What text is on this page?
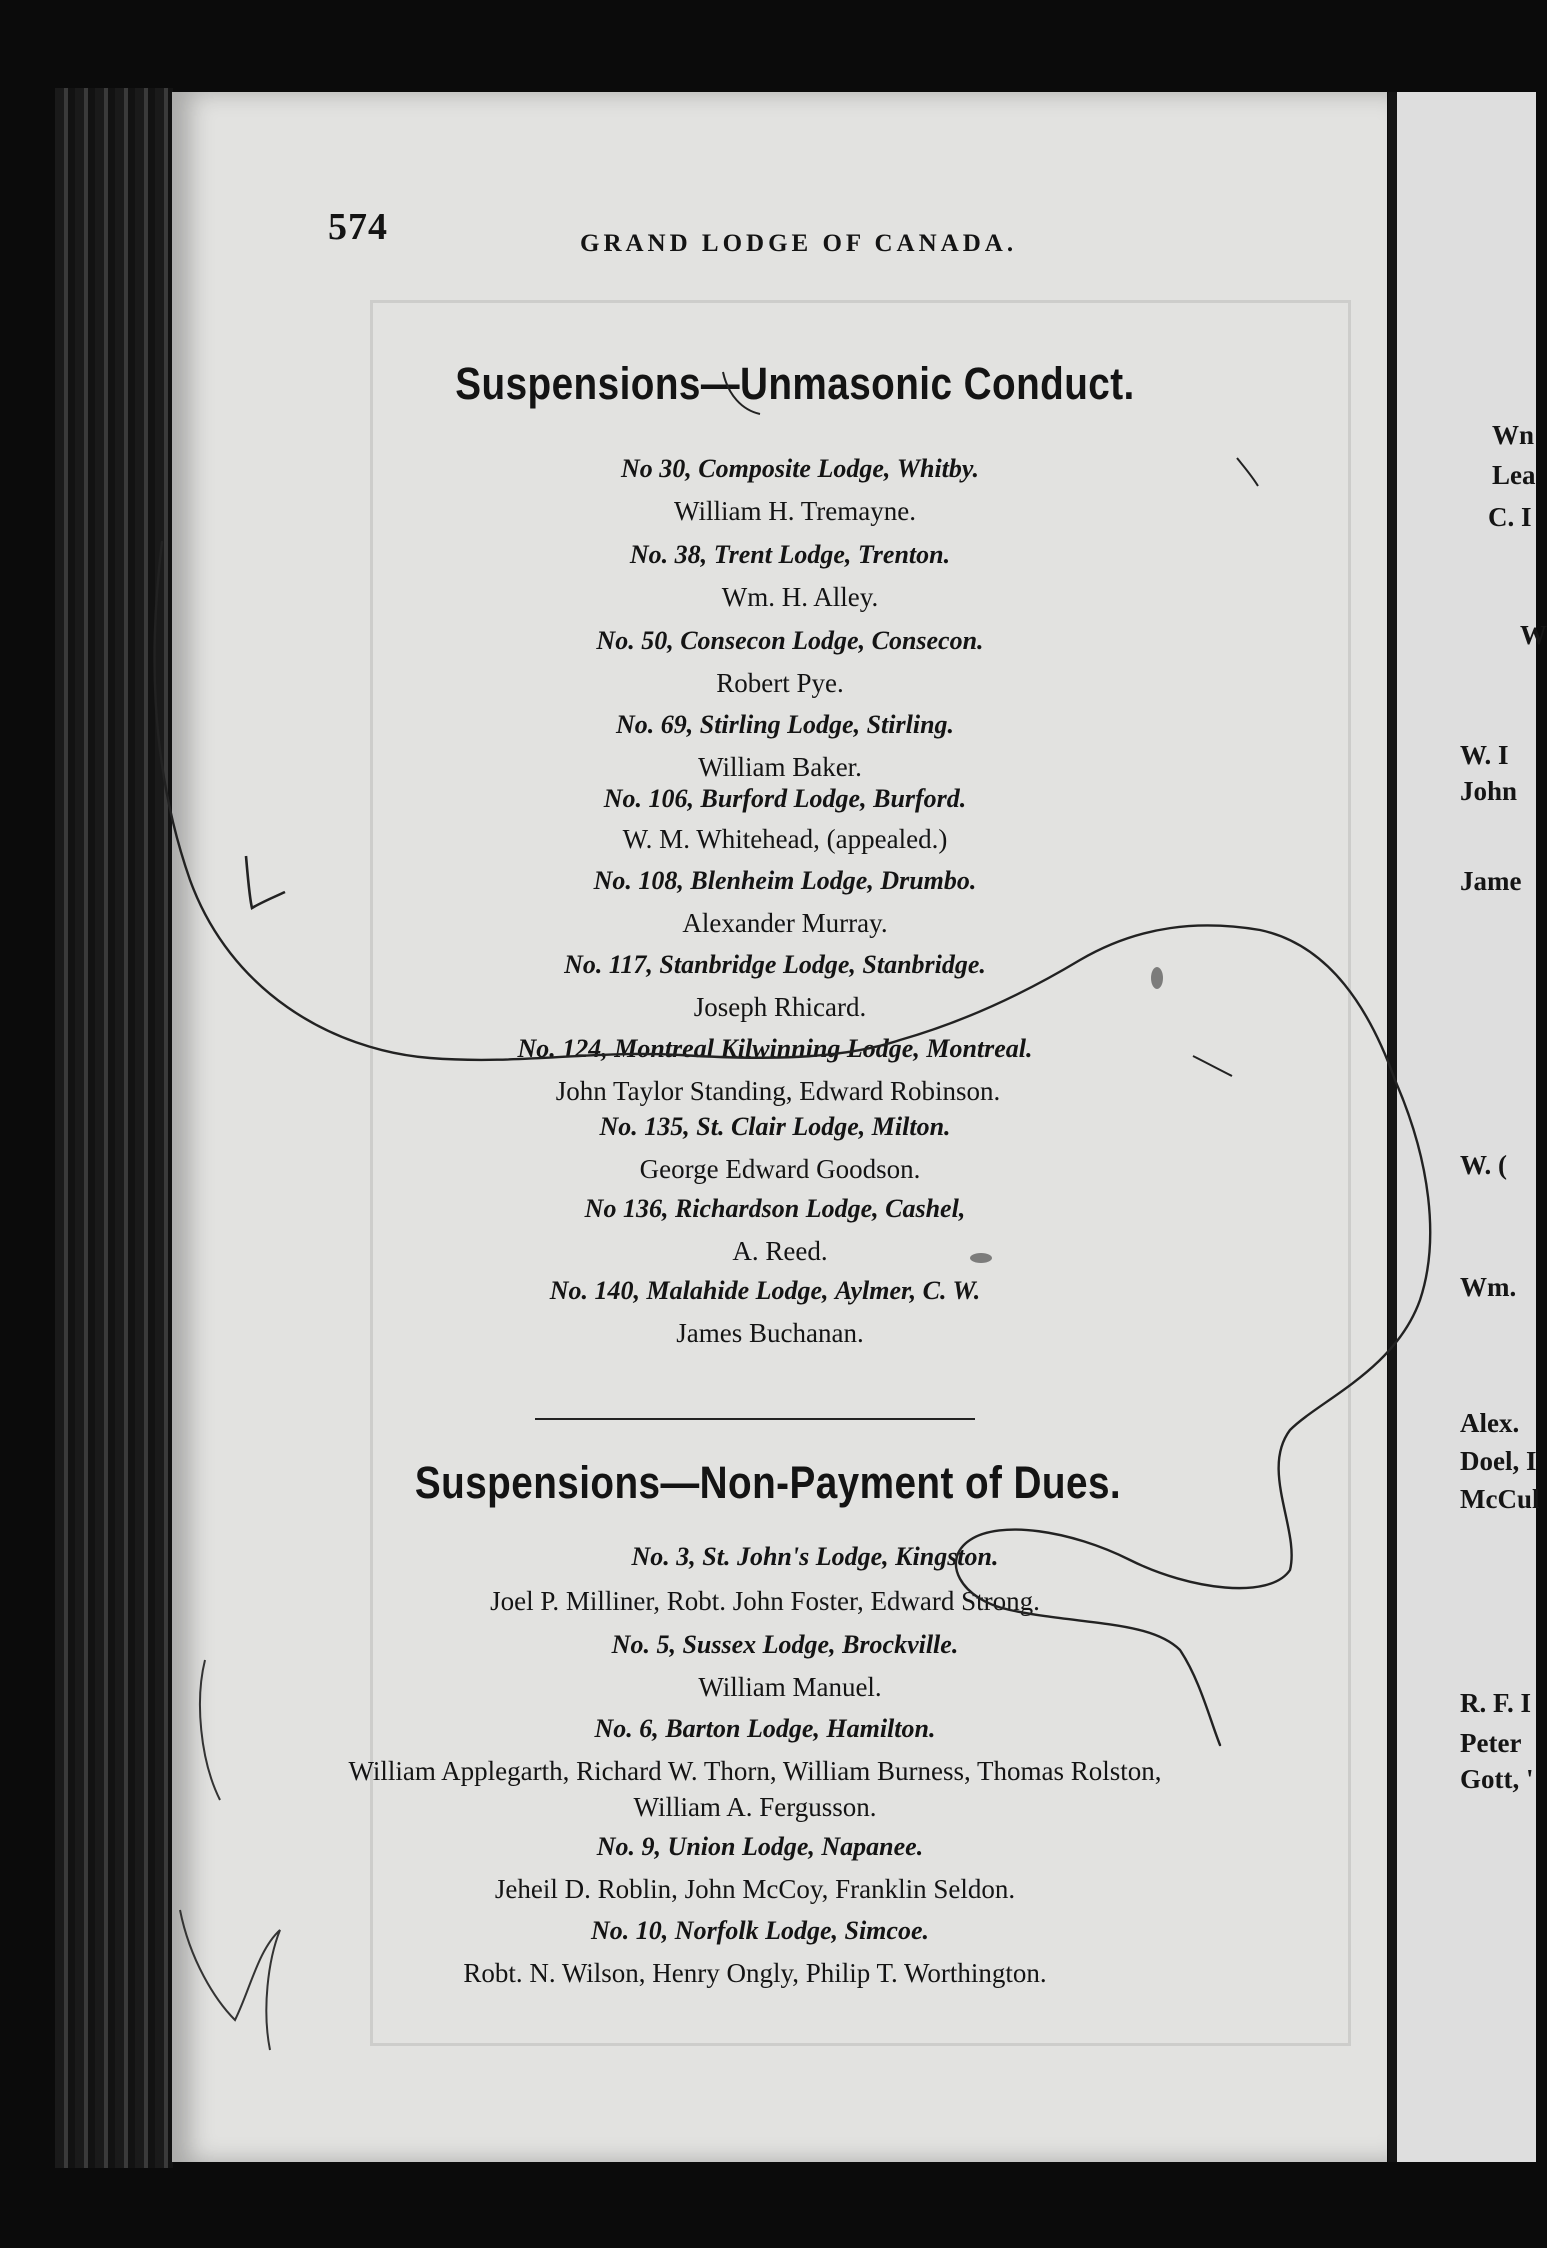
574	GRAND LODGE OF CANADA.
Suspensions—Unmasonic Conduct.
No 30, Composite Lodge, Whitby.
William H. Tremayne.
No. 38, Trent Lodge, Trenton.
Wm. H. Alley.
No. 50, Consecon Lodge, Consecon.
Robert Pye.
No. 69, Stirling Lodge, Stirling.
William Baker.
No. 106, Burford Lodge, Burford.
W. M. Whitehead, (appealed.)
No. 108, Blenheim Lodge, Drumbo.
Alexander Murray.
No. 117, Stanbridge Lodge, Stanbridge.
Joseph Rhicard.
No. 124, Montreal Kilwinning Lodge, Montreal.
John Taylor Standing, Edward Robinson.
No. 135, St. Clair Lodge, Milton.
George Edward Goodson.
No 136, Richardson Lodge, Cashel,
A. Reed.
No. 140, Malahide Lodge, Aylmer, C. W.
James Buchanan.
Suspensions—Non-Payment of Dues.
No. 3, St. John's Lodge, Kingston.
Joel P. Milliner, Robt. John Foster, Edward Strong.
No. 5, Sussex Lodge, Brockville.
William Manuel.
No. 6, Barton Lodge, Hamilton.
William Applegarth, Richard W. Thorn, William Burness, Thomas Rolston,
William A. Fergusson.
No. 9, Union Lodge, Napanee.
Jeheil D. Roblin, John McCoy, Franklin Seldon.
No. 10, Norfolk Lodge, Simcoe.
Robt. N. Wilson, Henry Ongly, Philip T. Worthington.
Wn
Lea
C. I
W
W. I
John
Jame
W. (
Wm.
Alex.
Doel, I
McCul
R. F. I
Peter
Gott, '
